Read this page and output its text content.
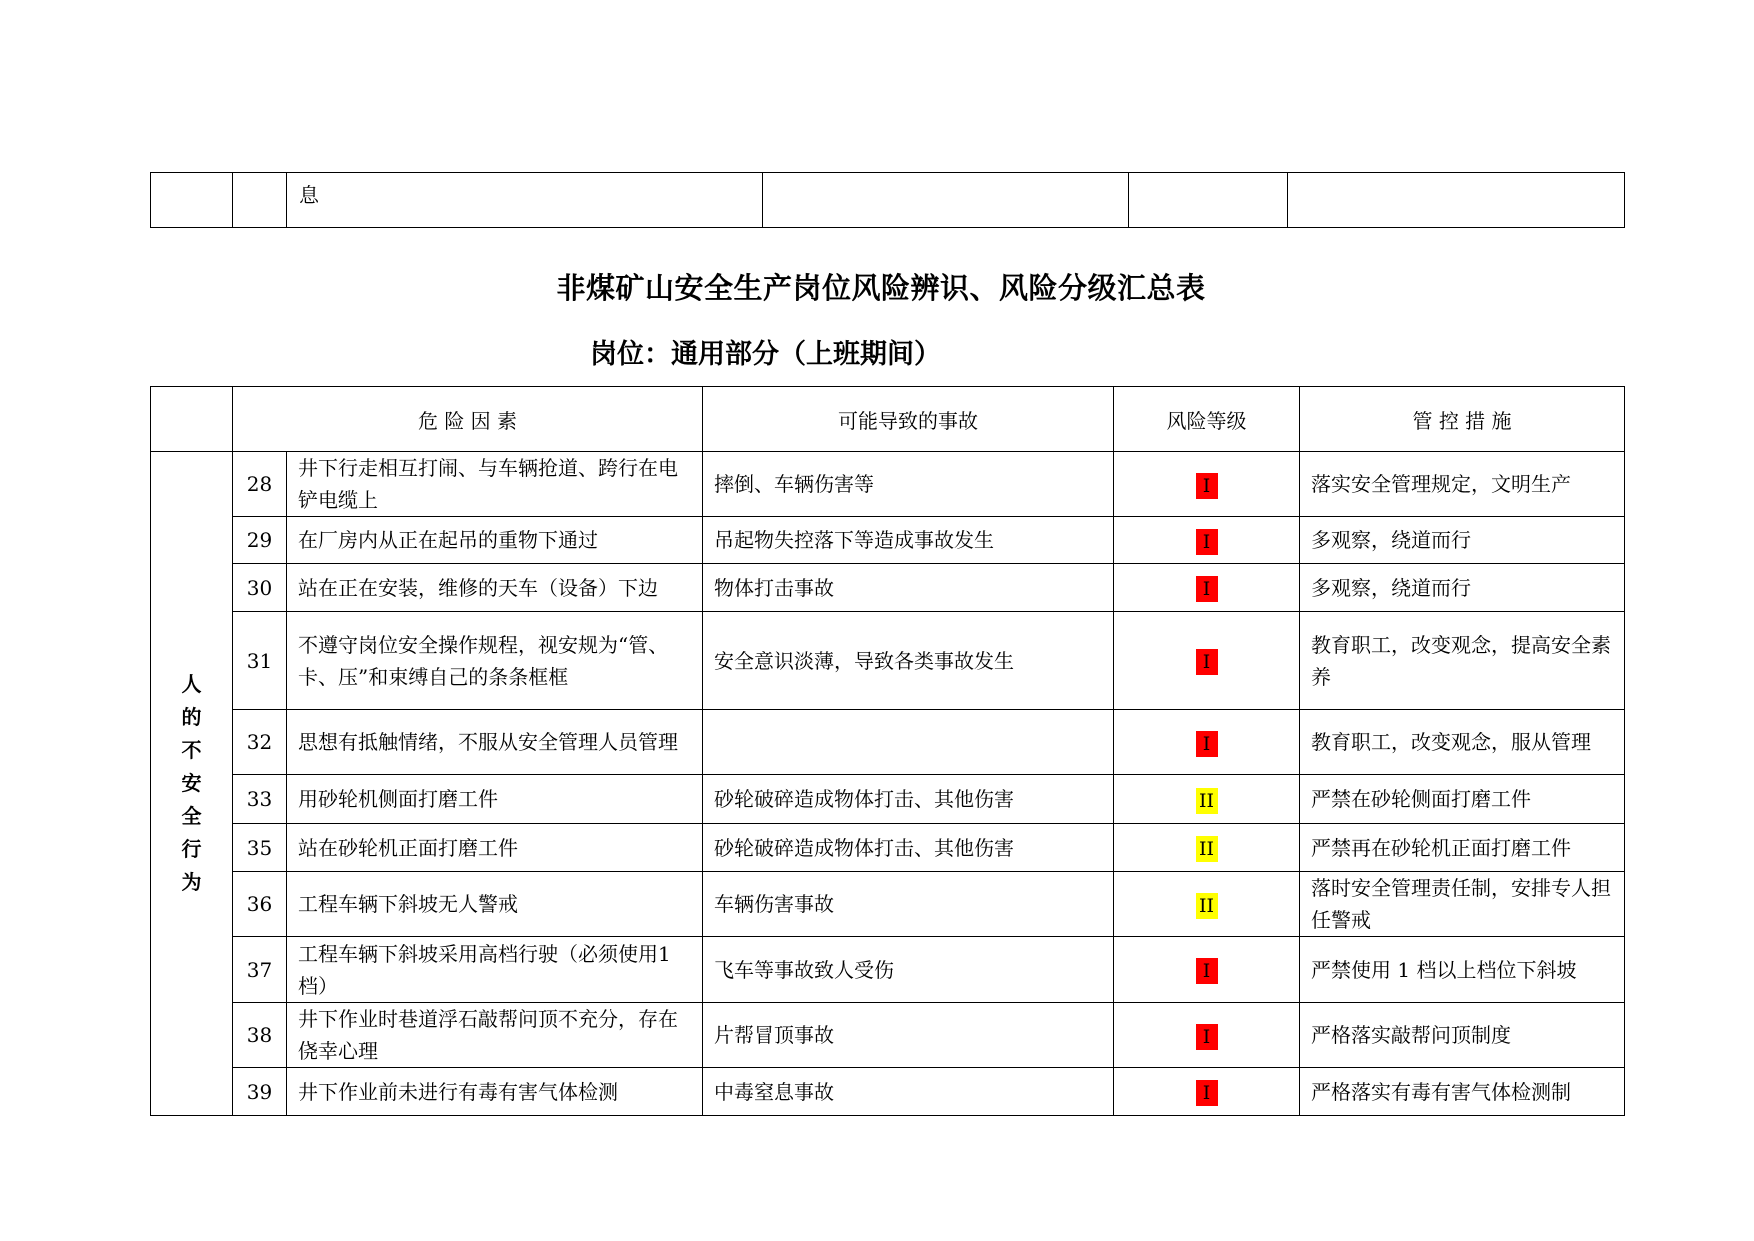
		息			
非煤矿山安全生产岗位风险辨识、风险分级汇总表
岗位：通用部分（上班期间）
	危 险 因 素		可能导致的事故	风险等级	管 控 措 施
人的不安全行为	28	井下行走相互打闹、与车辆抢道、跨行在电铲电缆上	摔倒、车辆伤害等	I	落实安全管理规定，文明生产
	29	在厂房内从正在起吊的重物下通过	吊起物失控落下等造成事故发生	I	多观察，绕道而行
	30	站在正在安装，维修的天车（设备）下边	物体打击事故	I	多观察，绕道而行
	31	不遵守岗位安全操作规程，视安规为“管、卡、压”和束缚自己的条条框框	安全意识淡薄，导致各类事故发生	I	教育职工，改变观念，提高安全素养
	32	思想有抵触情绪，不服从安全管理人员管理		I	教育职工，改变观念，服从管理
	33	用砂轮机侧面打磨工件	砂轮破碎造成物体打击、其他伤害	II	严禁在砂轮侧面打磨工件
	35	站在砂轮机正面打磨工件	砂轮破碎造成物体打击、其他伤害	II	严禁再在砂轮机正面打磨工件
	36	工程车辆下斜坡无人警戒	车辆伤害事故	II	落时安全管理责任制，安排专人担任警戒
	37	工程车辆下斜坡采用高档行驶（必须使用1 档）	飞车等事故致人受伤	I	严禁使用 1 档以上档位下斜坡
	38	井下作业时巷道浮石敲帮问顶不充分，存在侥幸心理	片帮冒顶事故	I	严格落实敲帮问顶制度
	39	井下作业前未进行有毒有害气体检测	中毒窒息事故	I	严格落实有毒有害气体检测制
